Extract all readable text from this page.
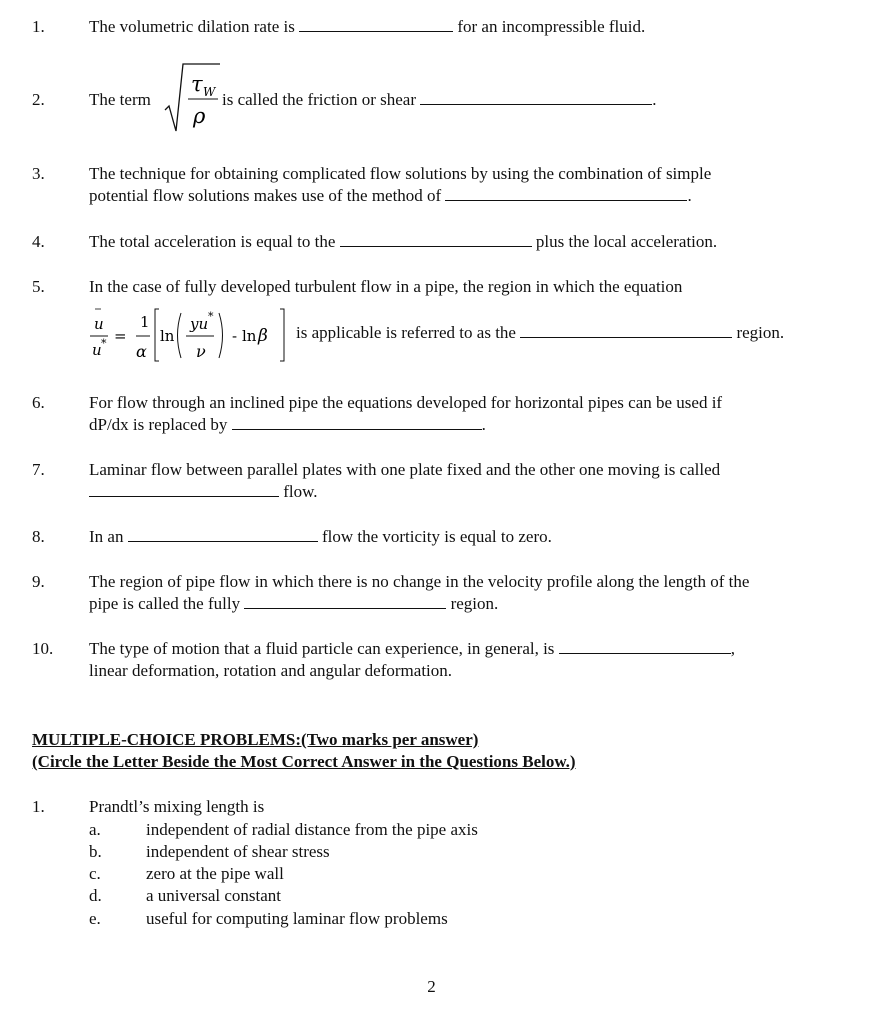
1.	The volumetric dilation rate is	for an incompressible fluid.
2.	The term
τ W
ρ
is called the friction or shear	.
3.	The technique for obtaining complicated flow solutions by using the combination of simple
potential flow solutions makes use of the method of	.
4.	The total acceleration is equal to the	plus the local acceleration.
5.	In the case of fully developed turbulent flow in a pipe, the region in which the equation
u
u * =
1
α
ln
yu *
ν
- ln β is applicable is referred to as the	region.
6.	For flow through an inclined pipe the equations developed for horizontal pipes can be used if
dP/dx is replaced by	.
7.	Laminar flow between parallel plates with one plate fixed and the other one moving is called
flow.
8.	In an	flow the vorticity is equal to zero.
9.	The region of pipe flow in which there is no change in the velocity profile along the length of the
pipe is called the fully	region.
10. The type of motion that a fluid particle can experience, in general, is	,
linear deformation, rotation and angular deformation.
MULTIPLE-CHOICE PROBLEMS:(Two marks per answer)
(Circle the Letter Beside the Most Correct Answer in the Questions Below.)
1.	Prandtl’s mixing length is
a.	independent of radial distance from the pipe axis
b.	independent of shear stress
c.	zero at the pipe wall
d.	a universal constant
e.	useful for computing laminar flow problems
2
